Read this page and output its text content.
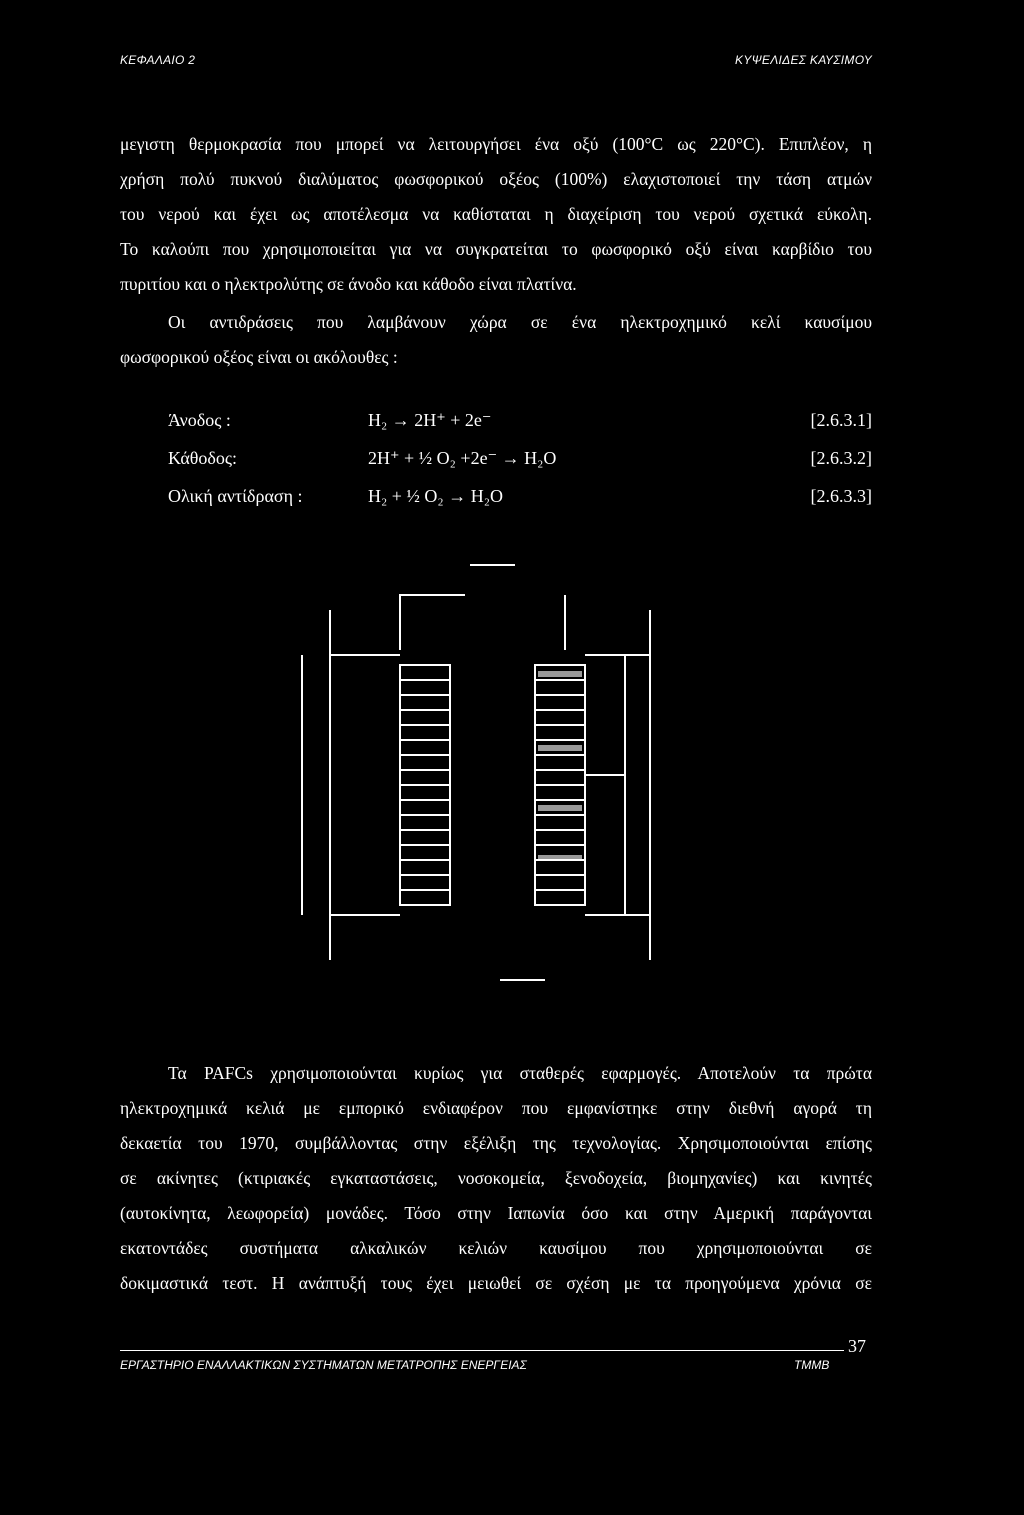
ΚΕΦΑΛΑΙΟ 2	ΚΥΨΕΛΙΔΕΣ ΚΑΥΣΙΜΟΥ
μεγιστη θερμοκρασία που μπορεί να λειτουργήσει ένα οξύ (100°C ως 220°C). Επιπλέον, η
χρήση πολύ πυκνού διαλύματος φωσφορικού οξέος (100%) ελαχιστοποιεί την τάση ατμών
του νερού και έχει ως αποτέλεσμα να καθίσταται η διαχείριση του νερού σχετικά εύκολη.
Το καλούπι που χρησιμοποιείται για να συγκρατείται το φωσφορικό οξύ είναι καρβίδιο του
πυριτίου και ο ηλεκτρολύτης σε άνοδο και κάθοδο είναι πλατίνα.
Οι αντιδράσεις που λαμβάνουν χώρα σε ένα ηλεκτροχημικό κελί καυσίμου
φωσφορικού οξέος είναι οι ακόλουθες :
Άνοδος :	H₂ → 2H⁺ + 2e⁻	[2.6.3.1]
Κάθοδος:	2H⁺ + ½ O₂ +2e⁻ → H₂O	[2.6.3.2]
Ολική αντίδραση :	H₂ + ½ O₂ → H₂O	[2.6.3.3]
Τα PAFCs χρησιμοποιούνται κυρίως για σταθερές εφαρμογές. Αποτελούν τα πρώτα
ηλεκτροχημικά κελιά με εμπορικό ενδιαφέρον που εμφανίστηκε στην διεθνή αγορά τη
δεκαετία του 1970, συμβάλλοντας στην εξέλιξη της τεχνολογίας. Χρησιμοποιούνται επίσης
σε ακίνητες (κτιριακές εγκαταστάσεις, νοσοκομεία, ξενοδοχεία, βιομηχανίες) και κινητές
(αυτοκίνητα, λεωφορεία) μονάδες. Τόσο στην Ιαπωνία όσο και στην Αμερική παράγονται
εκατοντάδες συστήματα αλκαλικών κελιών καυσίμου που χρησιμοποιούνται σε
δοκιμαστικά τεστ. Η ανάπτυξή τους έχει μειωθεί σε σχέση με τα προηγούμενα χρόνια σε
37
ΕΡΓΑΣΤΗΡΙΟ ΕΝΑΛΛΑΚΤΙΚΩΝ ΣΥΣΤΗΜΑΤΩΝ ΜΕΤΑΤΡΟΠΗΣ ΕΝΕΡΓΕΙΑΣ	ΤΜΜΒ
